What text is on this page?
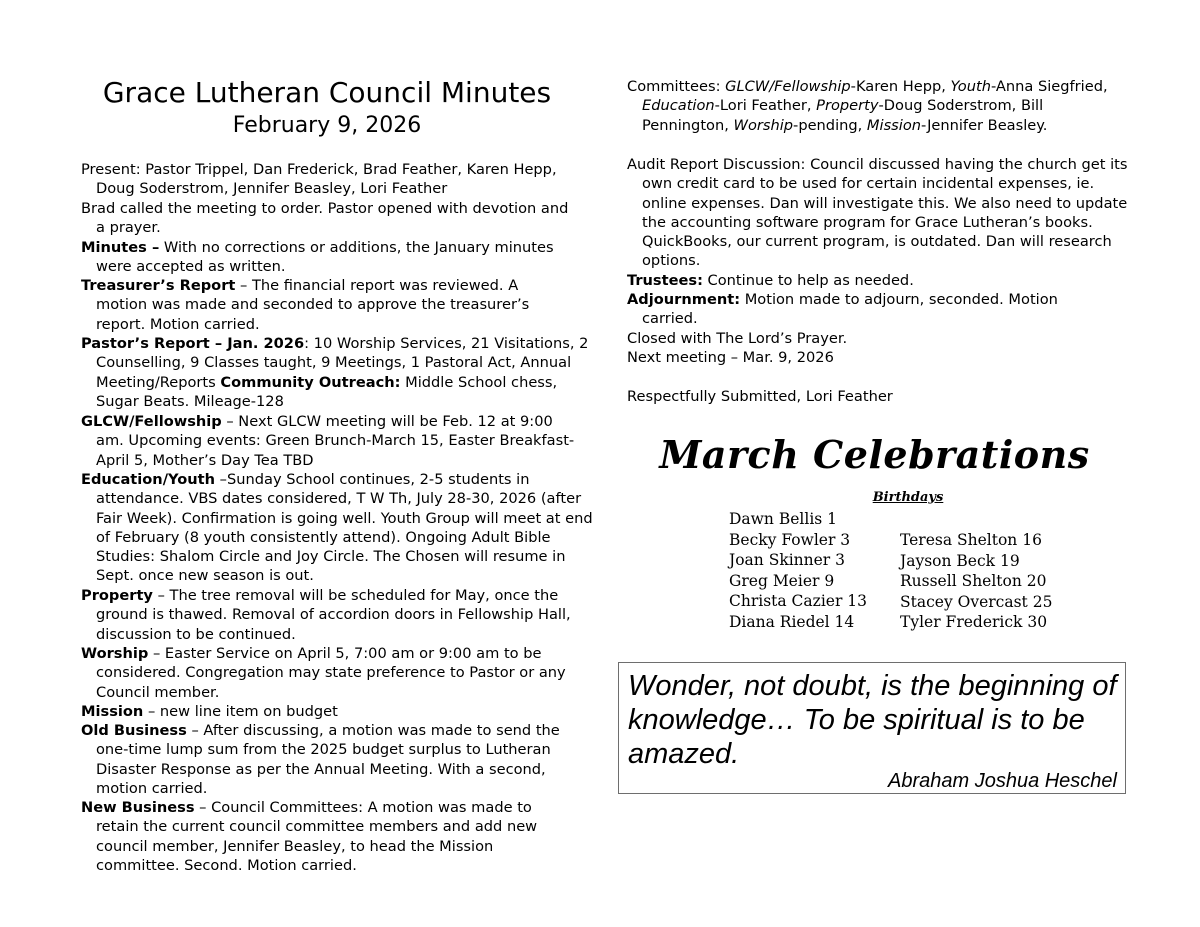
Grace Lutheran Council Minutes
February 9, 2026

Present: Pastor Trippel, Dan Frederick, Brad Feather, Karen Hepp, Doug Soderstrom, Jennifer Beasley, Lori Feather

Brad called the meeting to order. Pastor opened with devotion and a prayer.

Minutes – With no corrections or additions, the January minutes were accepted as written.

Treasurer’s Report – The financial report was reviewed. A motion was made and seconded to approve the treasurer’s report. Motion carried.

Pastor’s Report – Jan. 2026: 10 Worship Services, 21 Visitations, 2 Counselling, 9 Classes taught, 9 Meetings, 1 Pastoral Act, Annual Meeting/Reports Community Outreach: Middle School chess, Sugar Beats. Mileage-128

GLCW/Fellowship – Next GLCW meeting will be Feb. 12 at 9:00 am. Upcoming events: Green Brunch-March 15, Easter Breakfast-April 5, Mother’s Day Tea TBD

Education/Youth –Sunday School continues, 2-5 students in attendance. VBS dates considered, T W Th, July 28-30, 2026 (after Fair Week). Confirmation is going well. Youth Group will meet at end of February (8 youth consistently attend). Ongoing Adult Bible Studies: Shalom Circle and Joy Circle. The Chosen will resume in Sept. once new season is out.

Property – The tree removal will be scheduled for May, once the ground is thawed. Removal of accordion doors in Fellowship Hall, discussion to be continued.

Worship – Easter Service on April 5, 7:00 am or 9:00 am to be considered. Congregation may state preference to Pastor or any Council member.

Mission – new line item on budget

Old Business – After discussing, a motion was made to send the one-time lump sum from the 2025 budget surplus to Lutheran Disaster Response as per the Annual Meeting. With a second, motion carried.

New Business – Council Committees: A motion was made to retain the current council committee members and add new council member, Jennifer Beasley, to head the Mission committee. Second. Motion carried.

Committees: GLCW/Fellowship-Karen Hepp, Youth-Anna Siegfried, Education-Lori Feather, Property-Doug Soderstrom, Bill Pennington, Worship-pending, Mission-Jennifer Beasley.

Audit Report Discussion: Council discussed having the church get its own credit card to be used for certain incidental expenses, ie. online expenses. Dan will investigate this. We also need to update the accounting software program for Grace Lutheran’s books. QuickBooks, our current program, is outdated. Dan will research options.

Trustees: Continue to help as needed.

Adjournment: Motion made to adjourn, seconded. Motion carried.

Closed with The Lord’s Prayer.

Next meeting – Mar. 9, 2026

Respectfully Submitted, Lori Feather

March Celebrations
Birthdays
Dawn Bellis 1
Becky Fowler 3
Joan Skinner 3
Greg Meier 9
Christa Cazier 13
Diana Riedel 14
Teresa Shelton 16
Jayson Beck 19
Russell Shelton 20
Stacey Overcast 25
Tyler Frederick 30
Wonder, not doubt, is the beginning of knowledge… To be spiritual is to be amazed.
Abraham Joshua Heschel
